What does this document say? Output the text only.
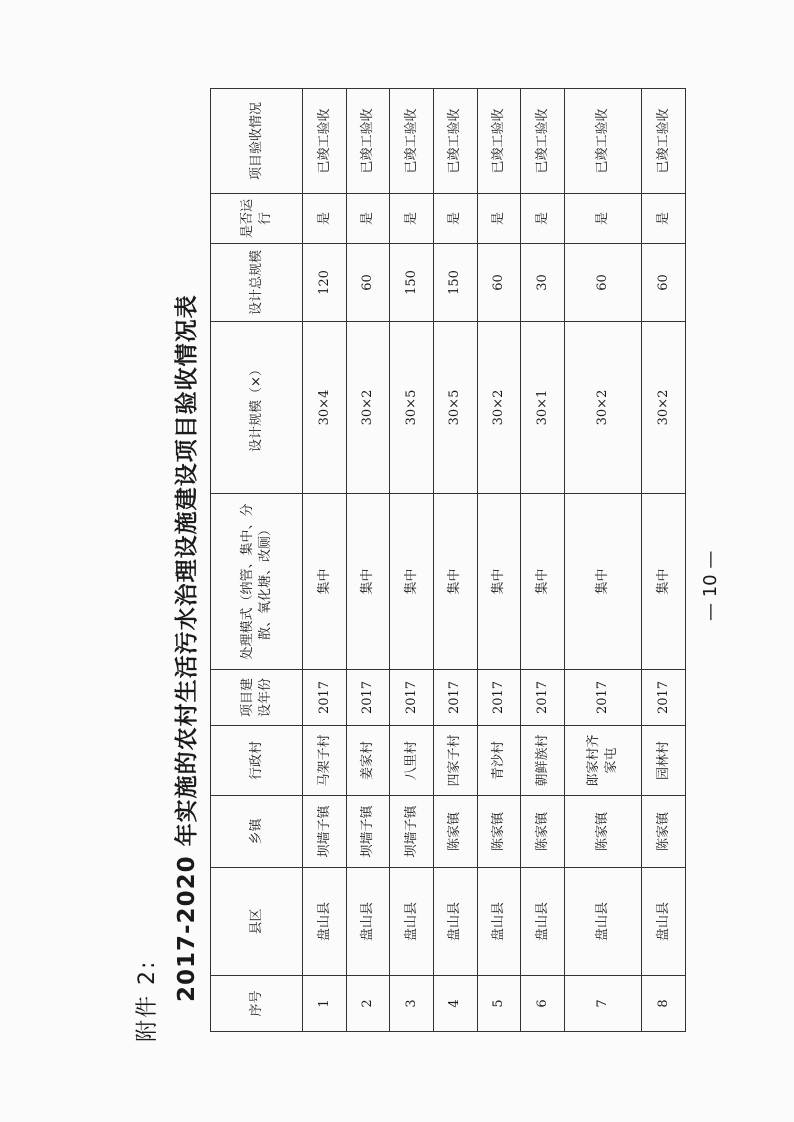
附件 2: 2017-2020 年实施的农村生活污水治理设施建设项目验收情况表
序号	县区	乡镇	行政村	项目建设年份	处理模式（纳管、集中、分散、氧化塘、改厕）	设计规模（×）	设计总规模	是否运行	项目验收情况
1	盘山县	坝墙子镇	马架子村	2017	集中	30×4	120	是	已竣工验收
2	盘山县	坝墙子镇	姜家村	2017	集中	30×2	60	是	已竣工验收
3	盘山县	坝墙子镇	八里村	2017	集中	30×5	150	是	已竣工验收
4	盘山县	陈家镇	四家子村	2017	集中	30×5	150	是	已竣工验收
5	盘山县	陈家镇	青沙村	2017	集中	30×2	60	是	已竣工验收
6	盘山县	陈家镇	朝鲜族村	2017	集中	30×1	30	是	已竣工验收
7	盘山县	陈家镇	郎家村齐家屯	2017	集中	30×2	60	是	已竣工验收
8	盘山县	陈家镇	园林村	2017	集中	30×2	60	是	已竣工验收
— 10 —
